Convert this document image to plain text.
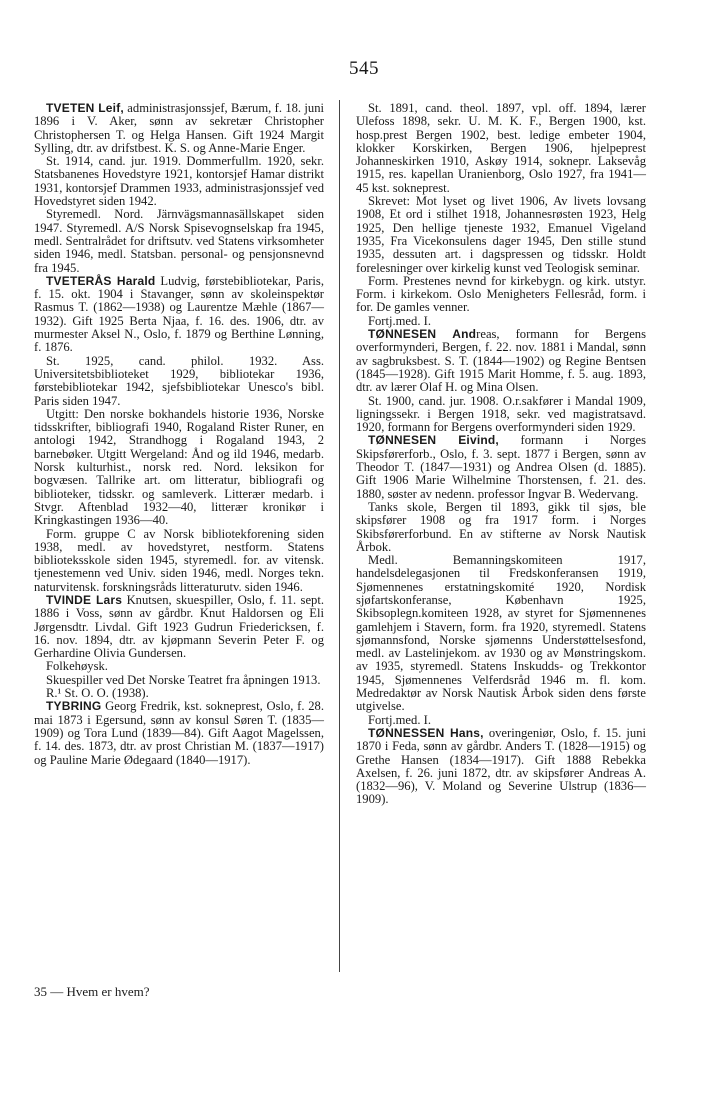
545

TVETEN Leif, administrasjonssjef, Bærum, f. 18. juni 1896 i V. Aker, sønn av sekretær Christopher Christophersen T. og Helga Hansen. Gift 1924 Margit Sylling, dtr. av drifstbest. K. S. og Anne-Marie Enger.

St. 1914, cand. jur. 1919. Dommerfullm. 1920, sekr. Statsbanenes Hovedstyre 1921, kontorsjef Hamar distrikt 1931, kontorsjef Drammen 1933, administrasjonssjef ved Hovedstyret siden 1942.

Styremedl. Nord. Järnvägsmannasällskapet siden 1947. Styremedl. A/S Norsk Spisevognselskap fra 1945, medl. Sentralrådet for driftsutv. ved Statens virksomheter siden 1946, medl. Statsban. personal- og pensjonsnevnd fra 1945.

TVETERÅS Harald Ludvig, førstebibliotekar, Paris, f. 15. okt. 1904 i Stavanger, sønn av skoleinspektør Rasmus T. (1862—1938) og Laurentze Mæhle (1867—1932). Gift 1925 Berta Njaa, f. 16. des. 1906, dtr. av murmester Aksel N., Oslo, f. 1879 og Berthine Lønning, f. 1876.

St. 1925, cand. philol. 1932. Ass. Universitetsbiblioteket 1929, bibliotekar 1936, førstebibliotekar 1942, sjefsbibliotekar Unesco's bibl. Paris siden 1947.

Utgitt: Den norske bokhandels historie 1936, Norske tidsskrifter, bibliografi 1940, Rogaland Rister Runer, en antologi 1942, Strandhogg i Rogaland 1943, 2 barnebøker. Utgitt Wergeland: Ånd og ild 1946, medarb. Norsk kulturhist., norsk red. Nord. leksikon for bogvæsen. Tallrike art. om litteratur, bibliografi og biblioteker, tidsskr. og samleverk. Litterær medarb. i Stvgr. Aftenblad 1932—40, litterær kronikør i Kringkastingen 1936—40.

Form. gruppe C av Norsk bibliotekforening siden 1938, medl. av hovedstyret, nestform. Statens biblioteksskole siden 1945, styremedl. for. av vitensk. tjenestemenn ved Univ. siden 1946, medl. Norges tekn. naturvitensk. forskningsråds litteraturutv. siden 1946.

TVINDE Lars Knutsen, skuespiller, Oslo, f. 11. sept. 1886 i Voss, sønn av gårdbr. Knut Haldorsen og Eli Jørgensdtr. Livdal. Gift 1923 Gudrun Friedericksen, f. 16. nov. 1894, dtr. av kjøpmann Severin Peter F. og Gerhardine Olivia Gundersen.

Folkehøysk.

Skuespiller ved Det Norske Teatret fra åpningen 1913.

R.¹ St. O. O. (1938).

TYBRING Georg Fredrik, kst. sokneprest, Oslo, f. 28. mai 1873 i Egersund, sønn av konsul Søren T. (1835—1909) og Tora Lund (1839—84). Gift Aagot Magelssen, f. 14. des. 1873, dtr. av prost Christian M. (1837—1917) og Pauline Marie Ødegaard (1840—1917).

St. 1891, cand. theol. 1897, vpl. off. 1894, lærer Ulefoss 1898, sekr. U. M. K. F., Bergen 1900, kst. hosp.prest Bergen 1902, best. ledige embeter 1904, klokker Korskirken, Bergen 1906, hjelpeprest Johanneskirken 1910, Askøy 1914, soknepr. Laksevåg 1915, res. kapellan Uranienborg, Oslo 1927, fra 1941—45 kst. sokneprest.

Skrevet: Mot lyset og livet 1906, Av livets lovsang 1908, Et ord i stilhet 1918, Johannesrøsten 1923, Helg 1925, Den hellige tjeneste 1932, Emanuel Vigeland 1935, Fra Vicekonsulens dager 1945, Den stille stund 1935, dessuten art. i dagspressen og tidsskr. Holdt forelesninger over kirkelig kunst ved Teologisk seminar.

Form. Prestenes nevnd for kirkebygn. og kirk. utstyr. Form. i kirkekom. Oslo Menigheters Fellesråd, form. i for. De gamles venner.

Fortj.med. I.

TØNNESEN Andreas, formann for Bergens overformynderi, Bergen, f. 22. nov. 1881 i Mandal, sønn av sagbruksbest. S. T. (1844—1902) og Regine Bentsen (1845—1928). Gift 1915 Marit Homme, f. 5. aug. 1893, dtr. av lærer Olaf H. og Mina Olsen.

St. 1900, cand. jur. 1908. O.r.sakfører i Mandal 1909, ligningssekr. i Bergen 1918, sekr. ved magistratsavd. 1920, formann for Bergens overformynderi siden 1929.

TØNNESEN Eivind, formann i Norges Skipsførerforb., Oslo, f. 3. sept. 1877 i Bergen, sønn av Theodor T. (1847—1931) og Andrea Olsen (d. 1885). Gift 1906 Marie Wilhelmine Thorstensen, f. 21. des. 1880, søster av nedenn. professor Ingvar B. Wedervang.

Tanks skole, Bergen til 1893, gikk til sjøs, ble skipsfører 1908 og fra 1917 form. i Norges Skibsførerforbund. En av stifterne av Norsk Nautisk Årbok.

Medl. Bemanningskomiteen 1917, handelsdelegasjonen til Fredskonferansen 1919, Sjømennenes erstatningskomité 1920, Nordisk sjøfartskonferanse, København 1925, Skibsoplegn.komiteen 1928, av styret for Sjømennenes gamlehjem i Stavern, form. fra 1920, styremedl. Statens sjømannsfond, Norske sjømenns Understøttelsesfond, medl. av Lastelinjekom. av 1930 og av Mønstringskom. av 1935, styremedl. Statens Inskudds- og Trekkontor 1945, Sjømennenes Velferdsråd 1946 m. fl. kom. Medredaktør av Norsk Nautisk Årbok siden dens første utgivelse.

Fortj.med. I.

TØNNESSEN Hans, overingeniør, Oslo, f. 15. juni 1870 i Feda, sønn av gårdbr. Anders T. (1828—1915) og Grethe Hansen (1834—1917). Gift 1888 Rebekka Axelsen, f. 26. juni 1872, dtr. av skipsfører Andreas A. (1832—96), V. Moland og Severine Ulstrup (1836—1909).

35 — Hvem er hvem?
